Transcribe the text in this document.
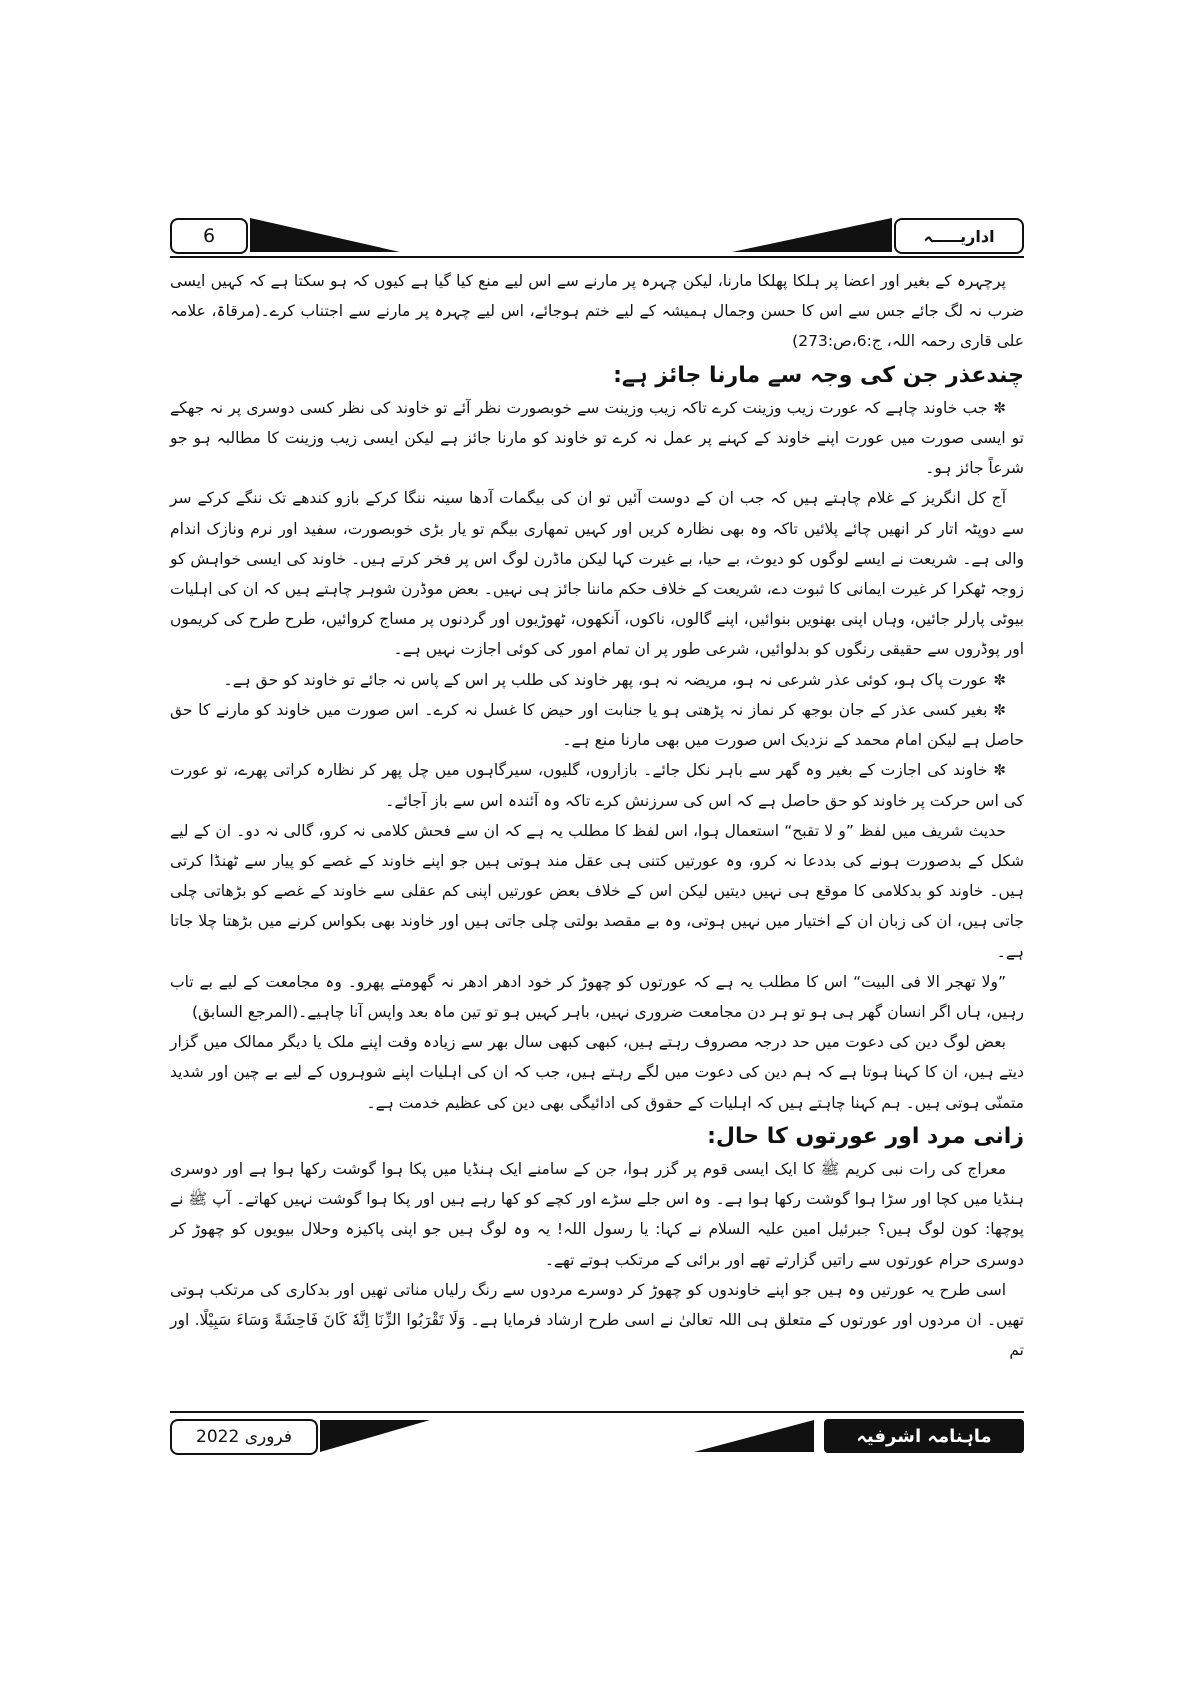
6	اداریـــــہ

پرچہرہ کے بغیر اور اعضا پر ہلکا پھلکا مارنا، لیکن چہرہ پر مارنے سے اس لیے منع کیا گیا ہے کیوں کہ ہو سکتا ہے کہ کہیں ایسی ضرب نہ لگ جائے جس سے اس کا حسن وجمال ہمیشہ کے لیے ختم ہوجائے، اس لیے چہرہ پر مارنے سے اجتناب کرے۔(مرقاۃ، علامہ علی قاری رحمہ اللہ، ج:6،ص:273)

چندعذر جن کی وجہ سے مارنا جائز ہے:

✼ جب خاوند چاہے کہ عورت زیب وزینت کرے تاکہ زیب وزینت سے خوبصورت نظر آئے تو خاوند کی نظر کسی دوسری پر نہ جھکے تو ایسی صورت میں عورت اپنے خاوند کے کہنے پر عمل نہ کرے تو خاوند کو مارنا جائز ہے لیکن ایسی زیب وزینت کا مطالبہ ہو جو شرعاً جائز ہو۔

آج کل انگریز کے غلام چاہتے ہیں کہ جب ان کے دوست آئیں تو ان کی بیگمات آدھا سینہ ننگا کرکے بازو کندھے تک ننگے کرکے سر سے دوپٹہ اتار کر انھیں چائے پلائیں تاکہ وہ بھی نظارہ کریں اور کہیں تمھاری بیگم تو یار بڑی خوبصورت، سفید اور نرم ونازک اندام والی ہے۔ شریعت نے ایسے لوگوں کو دیوث، بے حیا، بے غیرت کہا لیکن ماڈرن لوگ اس پر فخر کرتے ہیں۔ خاوند کی ایسی خواہش کو زوجہ ٹھکرا کر غیرت ایمانی کا ثبوت دے، شریعت کے خلاف حکم ماننا جائز ہی نہیں۔ بعض موڈرن شوہر چاہتے ہیں کہ ان کی اہلیات بیوٹی پارلر جائیں، وہاں اپنی بھنویں بنوائیں، اپنے گالوں، ناکوں، آنکھوں، ٹھوڑیوں اور گردنوں پر مساج کروائیں، طرح طرح کی کریموں اور پوڈروں سے حقیقی رنگوں کو بدلوائیں، شرعی طور پر ان تمام امور کی کوئی اجازت نہیں ہے۔

✼ عورت پاک ہو، کوئی عذر شرعی نہ ہو، مریضہ نہ ہو، پھر خاوند کی طلب پر اس کے پاس نہ جائے تو خاوند کو حق ہے۔

✼ بغیر کسی عذر کے جان بوجھ کر نماز نہ پڑھتی ہو یا جنابت اور حیض کا غسل نہ کرے۔ اس صورت میں خاوند کو مارنے کا حق حاصل ہے لیکن امام محمد کے نزدیک اس صورت میں بھی مارنا منع ہے۔

✼ خاوند کی اجازت کے بغیر وہ گھر سے باہر نکل جائے۔ بازاروں، گلیوں، سیرگاہوں میں چل پھر کر نظارہ کراتی پھرے، تو عورت کی اس حرکت پر خاوند کو حق حاصل ہے کہ اس کی سرزنش کرے تاکہ وہ آئندہ اس سے باز آجائے۔

حدیث شریف میں لفظ ”و لا تقبح“ استعمال ہوا، اس لفظ کا مطلب یہ ہے کہ ان سے فحش کلامی نہ کرو، گالی نہ دو۔ ان کے لیے شکل کے بدصورت ہونے کی بددعا نہ کرو، وہ عورتیں کتنی ہی عقل مند ہوتی ہیں جو اپنے خاوند کے غصے کو پیار سے ٹھنڈا کرتی ہیں۔ خاوند کو بدکلامی کا موقع ہی نہیں دیتیں لیکن اس کے خلاف بعض عورتیں اپنی کم عقلی سے خاوند کے غصے کو بڑھاتی چلی جاتی ہیں، ان کی زبان ان کے اختیار میں نہیں ہوتی، وہ بے مقصد بولتی چلی جاتی ہیں اور خاوند بھی بکواس کرنے میں بڑھتا چلا جاتا ہے۔

”ولا تھجر الا فی البیت“ اس کا مطلب یہ ہے کہ عورتوں کو چھوڑ کر خود ادھر ادھر نہ گھومتے پھرو۔ وہ مجامعت کے لیے بے تاب رہیں، ہاں اگر انسان گھر ہی ہو تو ہر دن مجامعت ضروری نہیں، باہر کہیں ہو تو تین ماہ بعد واپس آنا چاہیے۔(المرجع السابق)

بعض لوگ دین کی دعوت میں حد درجہ مصروف رہتے ہیں، کبھی کبھی سال بھر سے زیادہ وقت اپنے ملک یا دیگر ممالک میں گزار دیتے ہیں، ان کا کہنا ہوتا ہے کہ ہم دین کی دعوت میں لگے رہتے ہیں، جب کہ ان کی اہلیات اپنے شوہروں کے لیے بے چین اور شدید متمنّی ہوتی ہیں۔ ہم کہنا چاہتے ہیں کہ اہلیات کے حقوق کی ادائیگی بھی دین کی عظیم خدمت ہے۔

زانی مرد اور عورتوں کا حال:

معراج کی رات نبی کریم ﷺ کا ایک ایسی قوم پر گزر ہوا، جن کے سامنے ایک ہنڈیا میں پکا ہوا گوشت رکھا ہوا ہے اور دوسری ہنڈیا میں کچا اور سڑا ہوا گوشت رکھا ہوا ہے۔ وہ اس جلے سڑے اور کچے کو کھا رہے ہیں اور پکا ہوا گوشت نہیں کھاتے۔ آپ ﷺ نے پوچھا: کون لوگ ہیں؟ جبرئیل امین علیہ السلام نے کہا: یا رسول اللہ! یہ وہ لوگ ہیں جو اپنی پاکیزہ وحلال بیویوں کو چھوڑ کر دوسری حرام عورتوں سے راتیں گزارتے تھے اور برائی کے مرتکب ہوتے تھے۔

اسی طرح یہ عورتیں وہ ہیں جو اپنے خاوندوں کو چھوڑ کر دوسرے مردوں سے رنگ رلیاں مناتی تھیں اور بدکاری کی مرتکب ہوتی تھیں۔ ان مردوں اور عورتوں کے متعلق ہی اللہ تعالیٰ نے اسی طرح ارشاد فرمایا ہے۔ وَلَا تَقْرَبُوا الزِّنَا اِنَّهٗ كَانَ فَاحِشَةً وَسَاءَ سَبِيْلًا. اور تم

فروری 2022	ماہنامہ اشرفیہ
